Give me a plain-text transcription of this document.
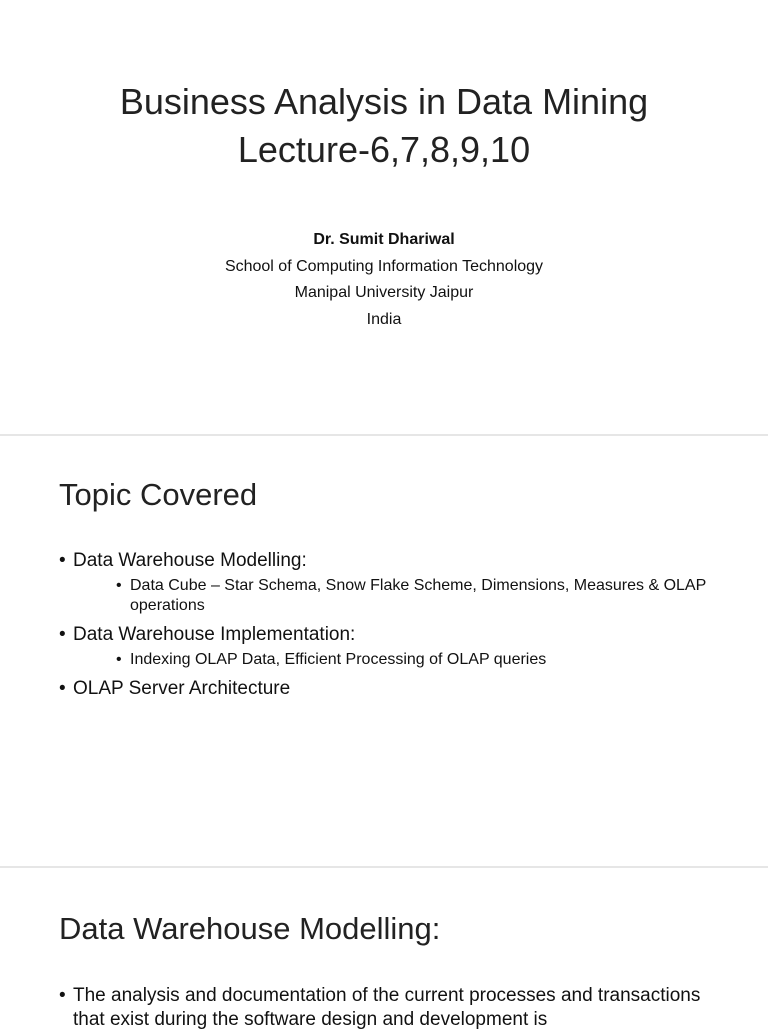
Business Analysis in Data Mining
Lecture-6,7,8,9,10
Dr. Sumit Dhariwal
School of Computing Information Technology
Manipal University Jaipur
India
Topic Covered
• Data Warehouse Modelling:
• Data Cube – Star Schema, Snow Flake Scheme, Dimensions, Measures & OLAP operations
• Data Warehouse Implementation:
• Indexing OLAP Data, Efficient Processing of OLAP queries
• OLAP Server Architecture
Data Warehouse Modelling:
• The analysis and documentation of the current processes and transactions that exist during the software design and development is
